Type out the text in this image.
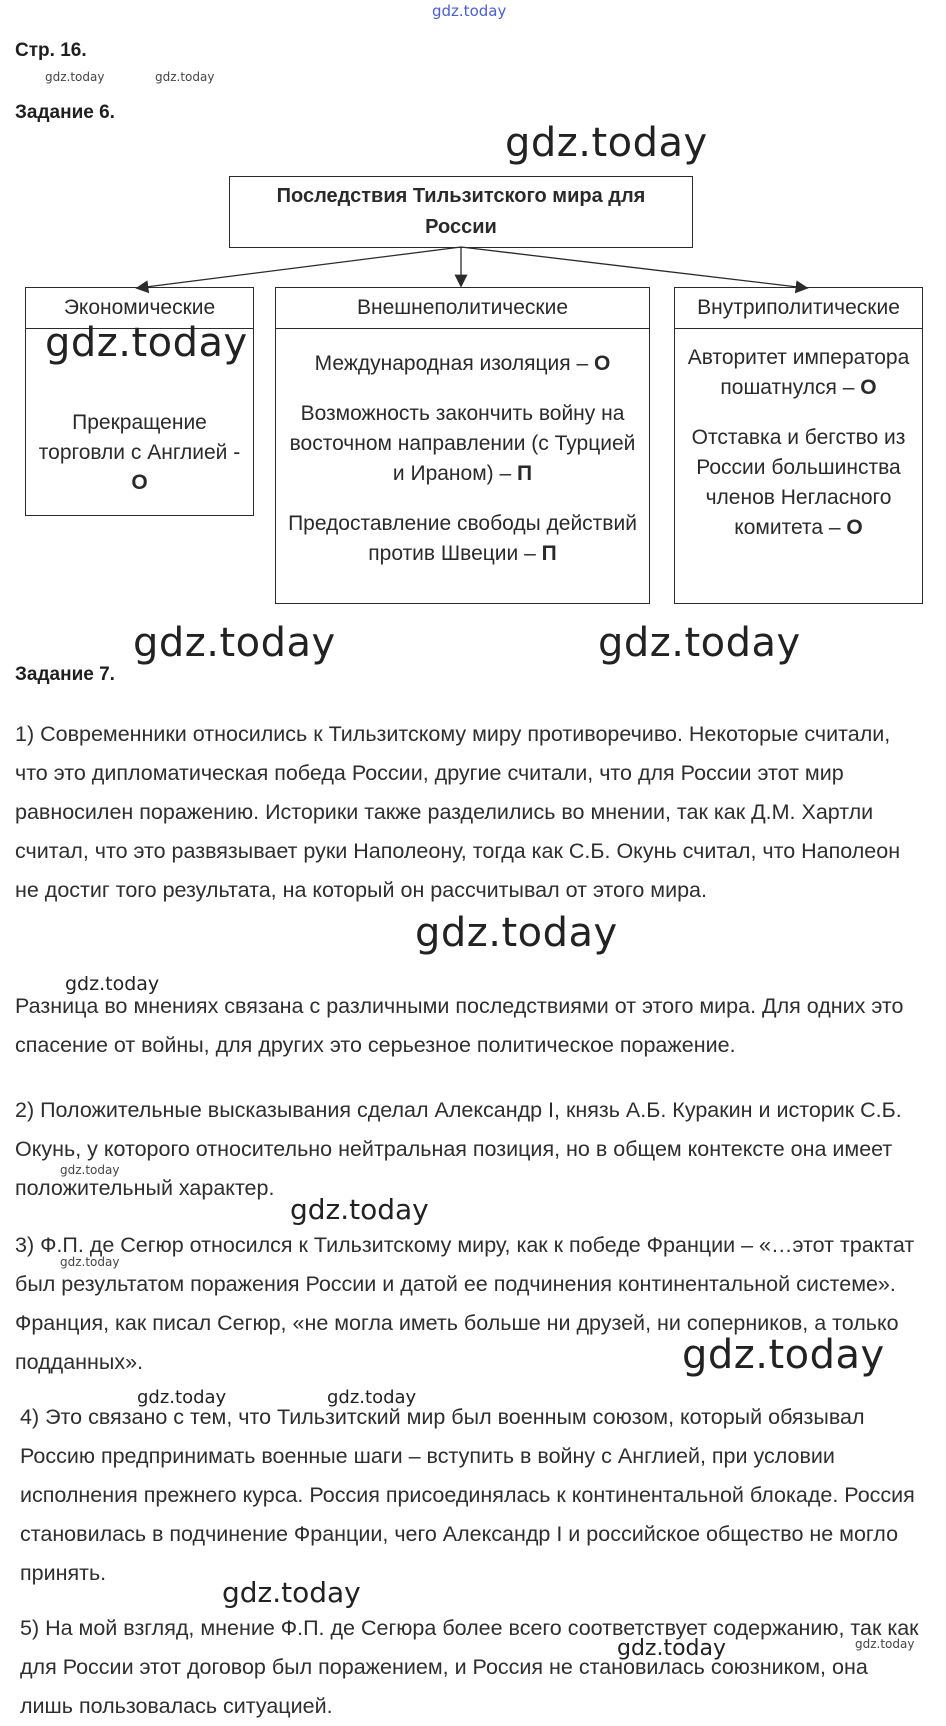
gdz.today
Стр. 16.
gdz.today	gdz.today
Задание 6.
gdz.today
Последствия Тильзитского мира для России
Экономические

Прекращение торговли с Англией - О

Внешнеполитические

Международная изоляция – О

Возможность закончить войну на восточном направлении (с Турцией и Ираном) – П

Предоставление свободы действий против Швеции – П

Внутриполитические

Авторитет императора пошатнулся – О

Отставка и бегство из России большинства членов Негласного комитета – О

gdz.today
gdz.today	gdz.today
Задание 7.

1) Современники относились к Тильзитскому миру противоречиво. Некоторые считали, что это дипломатическая победа России, другие считали, что для России этот мир равносилен поражению. Историки также разделились во мнении, так как Д.М. Хартли считал, что это развязывает руки Наполеону, тогда как С.Б. Окунь считал, что Наполеон не достиг того результата, на который он рассчитывал от этого мира.

gdz.today
gdz.today

Разница во мнениях связана с различными последствиями от этого мира. Для одних это спасение от войны, для других это серьезное политическое поражение.

2) Положительные высказывания сделал Александр I, князь А.Б. Куракин и историк С.Б. Окунь, у которого относительно нейтральная позиция, но в общем контексте она имеет положительный характер.

gdz.today
gdz.today

3) Ф.П. де Сегюр относился к Тильзитскому миру, как к победе Франции – «…этот трактат был результатом поражения России и датой ее подчинения континентальной системе». Франция, как писал Сегюр, «не могла иметь больше ни друзей, ни соперников, а только подданных».

gdz.today
gdz.today
gdz.today	gdz.today

4) Это связано с тем, что Тильзитский мир был военным союзом, который обязывал Россию предпринимать военные шаги – вступить в войну с Англией, при условии исполнения прежнего курса. Россия присоединялась к континентальной блокаде. Россия становилась в подчинение Франции, чего Александр I и российское общество не могло принять.

gdz.today

5) На мой взгляд, мнение Ф.П. де Сегюра более всего соответствует содержанию, так как для России этот договор был поражением, и Россия не становилась союзником, она лишь пользовалась ситуацией.

gdz.today	gdz.today
